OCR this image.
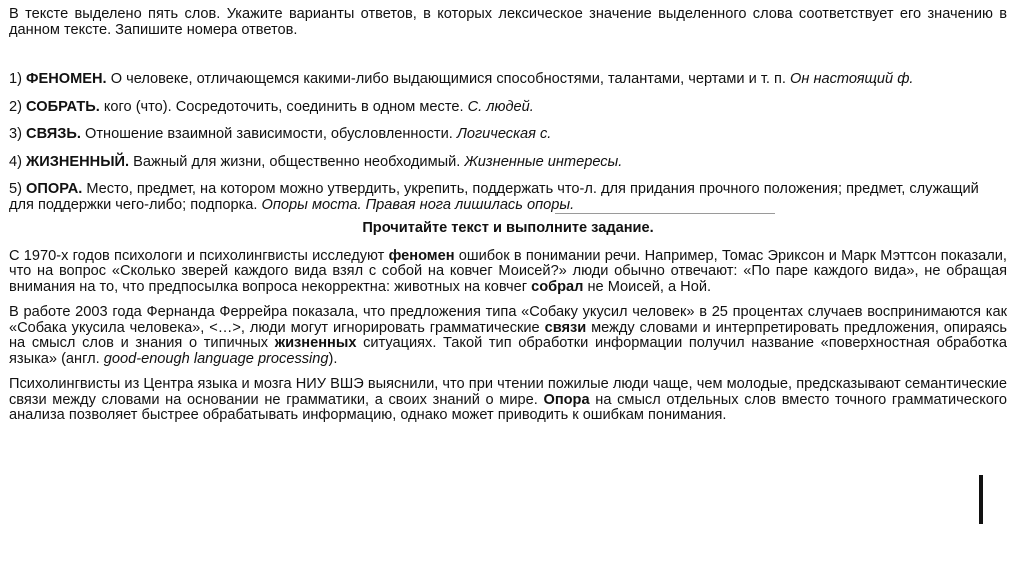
В тексте выделено пять слов. Укажите варианты ответов, в которых лексическое значение выделенного слова соответствует его значению в данном тексте. Запишите номера ответов.

1) ФЕНОМЕН. О человеке, отличающемся какими-либо выдающимися способностями, талантами, чертами и т. п. Он настоящий ф.

2) СОБРАТЬ. кого (что). Сосредоточить, соединить в одном месте. С. людей.

3) СВЯЗЬ. Отношение взаимной зависимости, обусловленности. Логическая с.

4) ЖИЗНЕННЫЙ. Важный для жизни, общественно необходимый. Жизненные интересы.

5) ОПОРА. Место, предмет, на котором можно утвердить, укрепить, поддержать что-л. для придания прочного положения; предмет, служащий для поддержки чего-либо; подпорка. Опоры моста. Правая нога лишилась опоры.

Прочитайте текст и выполните задание.

С 1970-х годов психологи и психолингвисты исследуют феномен ошибок в понимании речи. Например, Томас Эриксон и Марк Мэттсон показали, что на вопрос «Сколько зверей каждого вида взял с собой на ковчег Моисей?» люди обычно отвечают: «По паре каждого вида», не обращая внимания на то, что предпосылка вопроса некорректна: животных на ковчег собрал не Моисей, а Ной.

В работе 2003 года Фернанда Феррейра показала, что предложения типа «Собаку укусил человек» в 25 процентах случаев воспринимаются как «Собака укусила человека», <…>, люди могут игнорировать грамматические связи между словами и интерпретировать предложения, опираясь на смысл слов и знания о типичных жизненных ситуациях. Такой тип обработки информации получил название «поверхностная обработка языка» (англ. good-enough language processing).

Психолингвисты из Центра языка и мозга НИУ ВШЭ выяснили, что при чтении пожилые люди чаще, чем молодые, предсказывают семантические связи между словами на основании не грамматики, а своих знаний о мире. Опора на смысл отдельных слов вместо точного грамматического анализа позволяет быстрее обрабатывать информацию, однако может приводить к ошибкам понимания.
